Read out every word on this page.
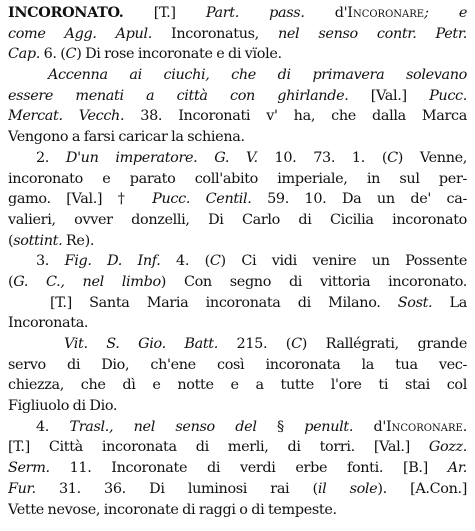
INCORONATO. [T.] Part. pass. d'Incoronare; e
come Agg. Apul. Incoronatus, nel senso contr. Petr.
Cap. 6. (C) Di rose incoronate e di vïole.
Accenna ai ciuchi, che di primavera solevano
essere menati a città con ghirlande. [Val.] Pucc.
Mercat. Vecch. 38. Incoronati v' ha, che dalla Marca
Vengono a farsi caricar la schiena.
2. D'un imperatore. G. V. 10. 73. 1. (C) Venne,
incoronato e parato coll'abito imperiale, in sul per-
gamo. [Val.] † Pucc. Centil. 59. 10. Da un de' ca-
valieri, ovver donzelli, Di Carlo di Cicilia incoronato
(sottint. Re).
3. Fig. D. Inf. 4. (C) Ci vidi venire un Possente
(G. C., nel limbo) Con segno di vittoria incoronato.
[T.] Santa Maria incoronata di Milano. Sost. La
Incoronata.
Vit. S. Gio. Batt. 215. (C) Rallégrati, grande
servo di Dio, ch'ene così incoronata la tua vec-
chiezza, che dì e notte e a tutte l'ore ti stai col
Figliuolo di Dio.
4. Trasl., nel senso del § penult. d'Incoronare.
[T.] Città incoronata di merli, di torri. [Val.] Gozz.
Serm. 11. Incoronate di verdi erbe fonti. [B.] Ar.
Fur. 31. 36. Di luminosi rai (il sole). [A.Con.]
Vette nevose, incoronate di raggi o di tempeste.
